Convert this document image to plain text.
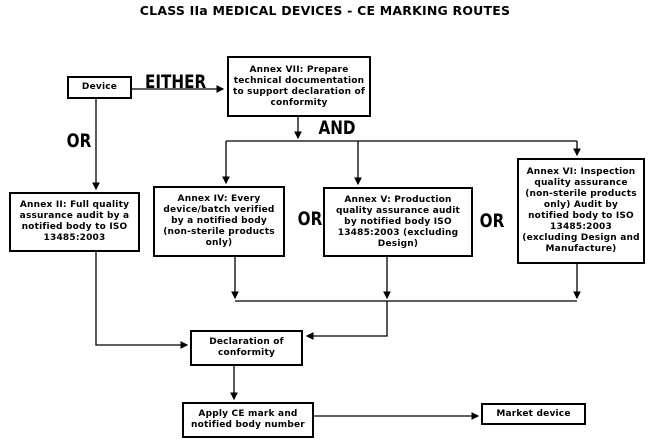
CLASS IIa MEDICAL DEVICES - CE MARKING ROUTES
Device
Annex VII: Prepare technical documentation to support declaration of conformity
Annex II: Full quality assurance audit by a notified body to ISO 13485:2003
Annex IV: Every device/batch verified by a notified body (non-sterile products only)
Annex V: Production quality assurance audit by notified body ISO 13485:2003 (excluding Design)
Annex VI: Inspection quality assurance (non-sterile products only) Audit by notified body to ISO 13485:2003 (excluding Design and Manufacture)
Declaration of conformity
Apply CE mark and notified body number
Market device
EITHER
OR
AND
OR	OR
